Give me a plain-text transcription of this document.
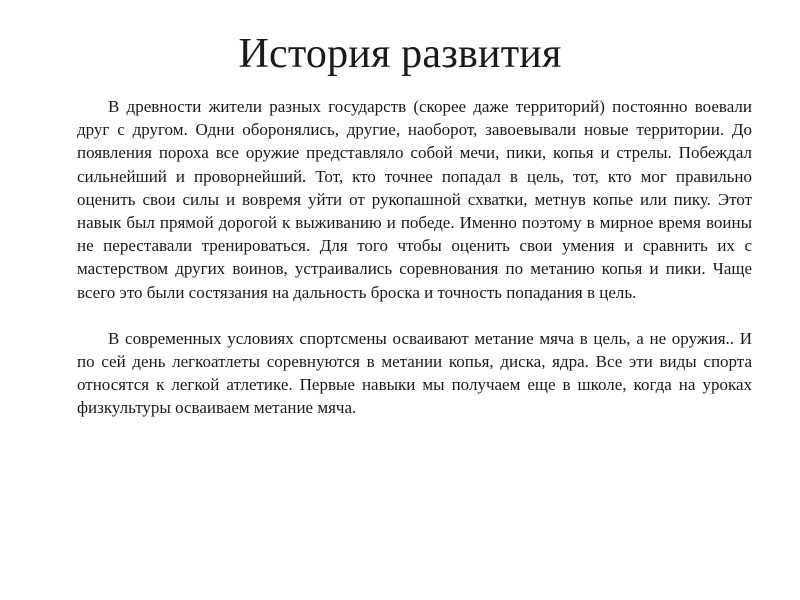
История развития

В древности жители разных государств (скорее даже территорий) постоянно воевали друг с другом. Одни оборонялись, другие, наоборот, завоевывали новые территории. До появления пороха все оружие представляло собой мечи, пики, копья и стрелы. Побеждал сильнейший и проворнейший. Тот, кто точнее попадал в цель, тот, кто мог правильно оценить свои силы и вовремя уйти от рукопашной схватки, метнув копье или пику. Этот навык был прямой дорогой к выживанию и победе. Именно поэтому в мирное время воины не переставали тренироваться. Для того чтобы оценить свои умения и сравнить их с мастерством других воинов, устраивались соревнования по метанию копья и пики. Чаще всего это были состязания на дальность броска и точность попадания в цель.

В современных условиях спортсмены осваивают метание мяча в цель, а не оружия.. И по сей день легкоатлеты соревнуются в метании копья, диска, ядра. Все эти виды спорта относятся к легкой атлетике. Первые навыки мы получаем еще в школе, когда на уроках физкультуры осваиваем метание мяча.
